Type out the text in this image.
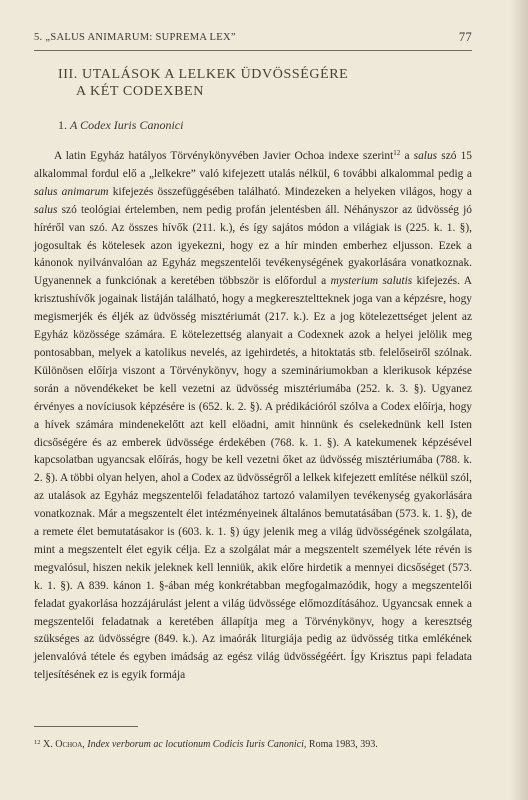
5. „SALUS ANIMARUM: SUPREMA LEX”	77
III. UTALÁSOK A LELKEK ÜDVÖSSÉGÉRE
A KÉT CODEXBEN
1. A Codex Iuris Canonici
A latin Egyház hatályos Törvénykönyvében Javier Ochoa indexe szerint$^{12}$ a salus szó 15 alkalommal fordul elő a „lelkekre” való kifejezett utalás nélkül, 6 további alkalommal pedig a salus animarum kifejezés összefüggésében található. Mindezeken a helyeken világos, hogy a salus szó teológiai értelemben, nem pedig profán jelentésben áll. Néhányszor az üdvösség jó híréről van szó. Az összes hívők (211. k.), és így sajátos módon a világiak is (225. k. 1. §), jogosultak és kötelesek azon igyekezni, hogy ez a hír minden emberhez eljusson. Ezek a kánonok nyilvánvalóan az Egyház megszentelői tevékenységének gyakorlására vonatkoznak. Ugyanennek a funkciónak a keretében többször is előfordul a mysterium salutis kifejezés. A krisztushívők jogainak listáján található, hogy a megkereszteltteknek joga van a képzésre, hogy megismerjék és éljék az üdvösség misztériumát (217. k.). Ez a jog kötelezettséget jelent az Egyház közössége számára. E kötelezettség alanyait a Codexnek azok a helyei jelölik meg pontosabban, melyek a katolikus nevelés, az igehirdetés, a hitoktatás stb. felelőseiről szólnak. Különösen előírja viszont a Törvénykönyv, hogy a szemináriumokban a klerikusok képzése során a növendékeket be kell vezetni az üdvösség misztériumába (252. k. 3. §). Ugyanez érvényes a novíciusok képzésére is (652. k. 2. §). A prédikációról szólva a Codex előírja, hogy a hívek számára mindenekelőtt azt kell elöadni, amit hinnünk és cselekednünk kell Isten dicsőségére és az emberek üdvössége érdekében (768. k. 1. §). A katekumenek képzésével kapcsolatban ugyancsak előírás, hogy be kell vezetni őket az üdvösség misztériumába (788. k. 2. §). A többi olyan helyen, ahol a Codex az üdvösségről a lelkek kifejezett említése nélkül szól, az utalások az Egyház megszentelői feladatához tartozó valamilyen tevékenység gyakorlására vonatkoznak. Már a megszentelt élet intézményeinek általános bemutatásában (573. k. 1. §), de a remete élet bemutatásakor is (603. k. 1. §) úgy jelenik meg a világ üdvösségének szolgálata, mint a megszentelt élet egyik célja. Ez a szolgálat már a megszentelt személyek léte révén is megvalósul, hiszen nekik jeleknek kell lenniük, akik előre hirdetik a mennyei dicsőséget (573. k. 1. §). A 839. kánon 1. §-ában még konkrétabban megfogalmazódik, hogy a megszentelői feladat gyakorlása hozzájárulást jelent a világ üdvössége előmozdításához. Ugyancsak ennek a megszentelői feladatnak a keretében állapítja meg a Törvénykönyv, hogy a keresztség szükséges az üdvösségre (849. k.). Az imaórák liturgiája pedig az üdvösség titka emlékének jelenvalóvá tétele és egyben imádság az egész világ üdvösségéért. Így Krisztus papi feladata teljesítésének ez is egyik formája
$^{12}$ X. Ochoa, Index verborum ac locutionum Codicis Iuris Canonici, Roma 1983, 393.
